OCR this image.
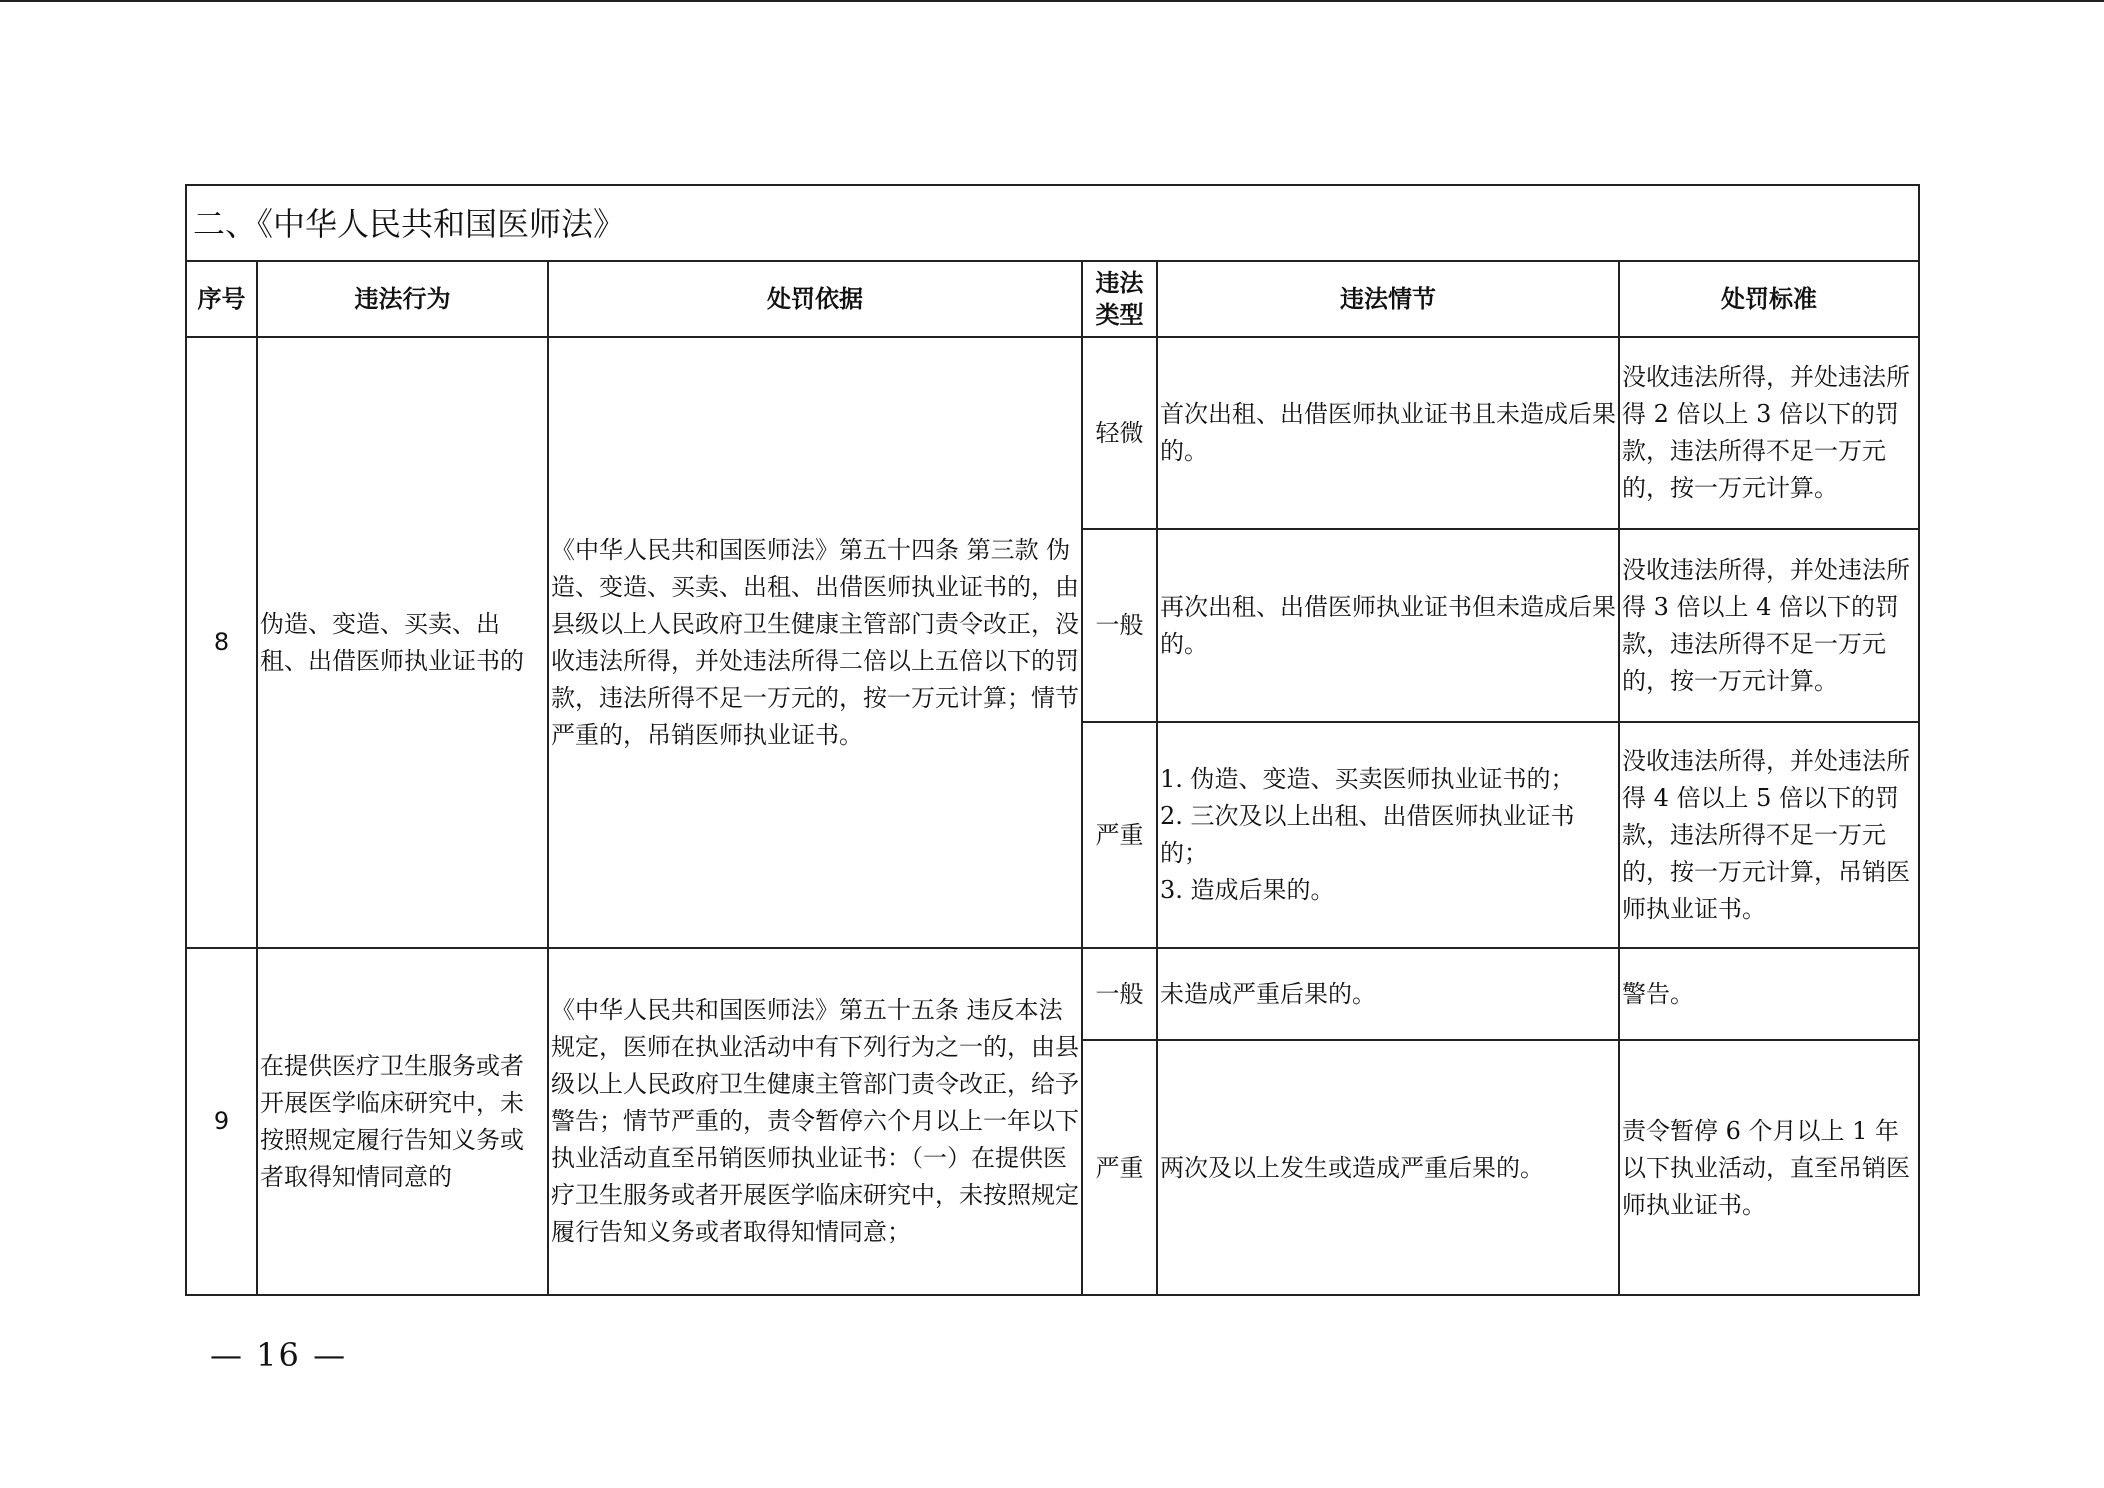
二、《中华人民共和国医师法》
序号	违法行为	处罚依据	违法类型	违法情节	处罚标准
8	伪造、变造、买卖、出租、出借医师执业证书的	《中华人民共和国医师法》第五十四条 第三款 伪造、变造、买卖、出租、出借医师执业证书的，由县级以上人民政府卫生健康主管部门责令改正，没收违法所得，并处违法所得二倍以上五倍以下的罚款，违法所得不足一万元的，按一万元计算；情节严重的，吊销医师执业证书。	轻微	首次出租、出借医师执业证书且未造成后果的。	没收违法所得，并处违法所得 2 倍以上 3 倍以下的罚款，违法所得不足一万元的，按一万元计算。
			一般	再次出租、出借医师执业证书但未造成后果的。	没收违法所得，并处违法所得 3 倍以上 4 倍以下的罚款，违法所得不足一万元的，按一万元计算。
			严重	1. 伪造、变造、买卖医师执业证书的；
2. 三次及以上出租、出借医师执业证书的；
3. 造成后果的。	没收违法所得，并处违法所得 4 倍以上 5 倍以下的罚款，违法所得不足一万元的，按一万元计算，吊销医师执业证书。
9	在提供医疗卫生服务或者开展医学临床研究中，未按照规定履行告知义务或者取得知情同意的	《中华人民共和国医师法》第五十五条 违反本法规定，医师在执业活动中有下列行为之一的，由县级以上人民政府卫生健康主管部门责令改正，给予警告；情节严重的，责令暂停六个月以上一年以下执业活动直至吊销医师执业证书：（一）在提供医疗卫生服务或者开展医学临床研究中，未按照规定履行告知义务或者取得知情同意；	一般	未造成严重后果的。	警告。
			严重	两次及以上发生或造成严重后果的。	责令暂停 6 个月以上 1 年以下执业活动，直至吊销医师执业证书。
— 16 —
